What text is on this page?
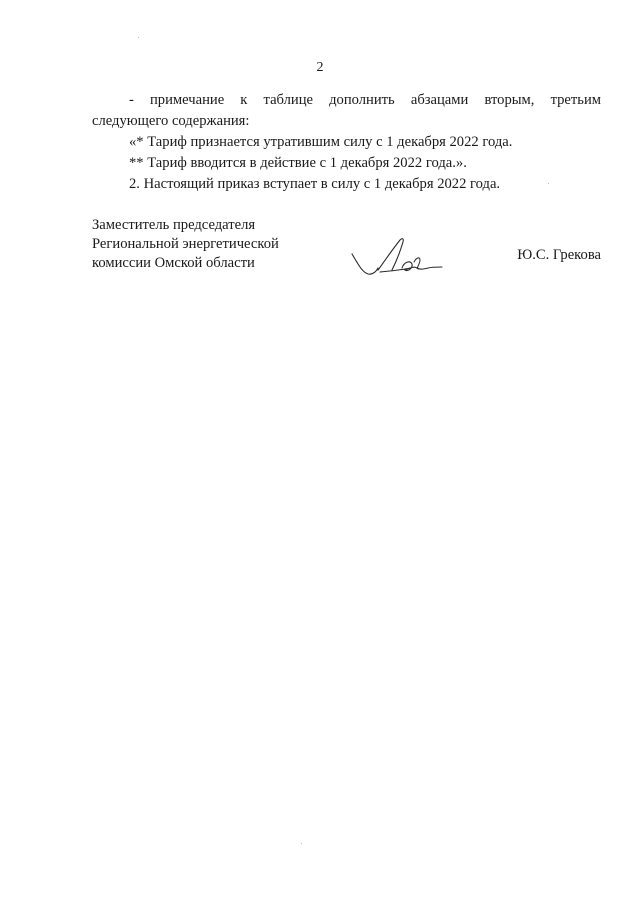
2

- примечание к таблице дополнить абзацами вторым, третьим

следующего содержания:

«* Тариф признается утратившим силу с 1 декабря 2022 года.

** Тариф вводится в действие с 1 декабря 2022 года.».

2. Настоящий приказ вступает в силу с 1 декабря 2022 года.

Заместитель председателя
Региональной энергетической
комиссии Омской области	Ю.С. Грекова
